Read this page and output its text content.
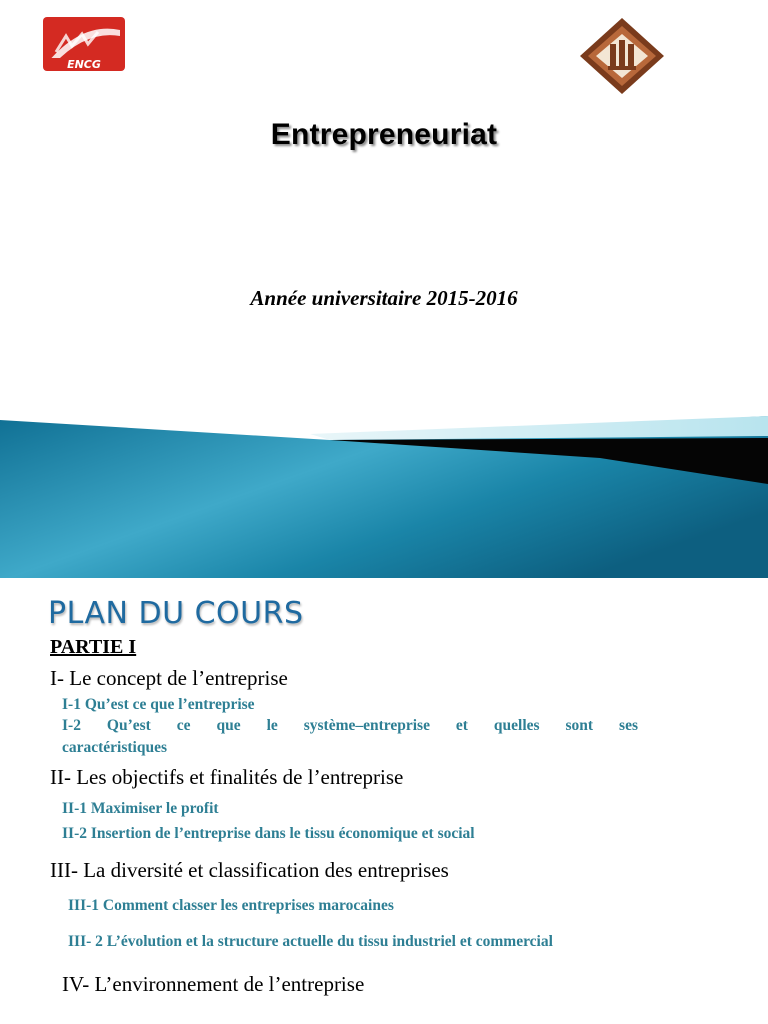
ENCG
Entrepreneuriat
Année universitaire 2015-2016
PLAN DU COURS
PARTIE I
I- Le concept de l’entreprise
I-1 Qu’est ce que l’entreprise
I-2 Qu’est ce que le système–entreprise et quelles sont ses
caractéristiques
II- Les objectifs et finalités de l’entreprise
II-1 Maximiser le profit
II-2 Insertion de l’entreprise dans le tissu économique et social
III- La diversité et classification des entreprises
III-1 Comment classer les entreprises marocaines
III- 2 L’évolution et la structure actuelle du tissu industriel et commercial
IV- L’environnement de l’entreprise
